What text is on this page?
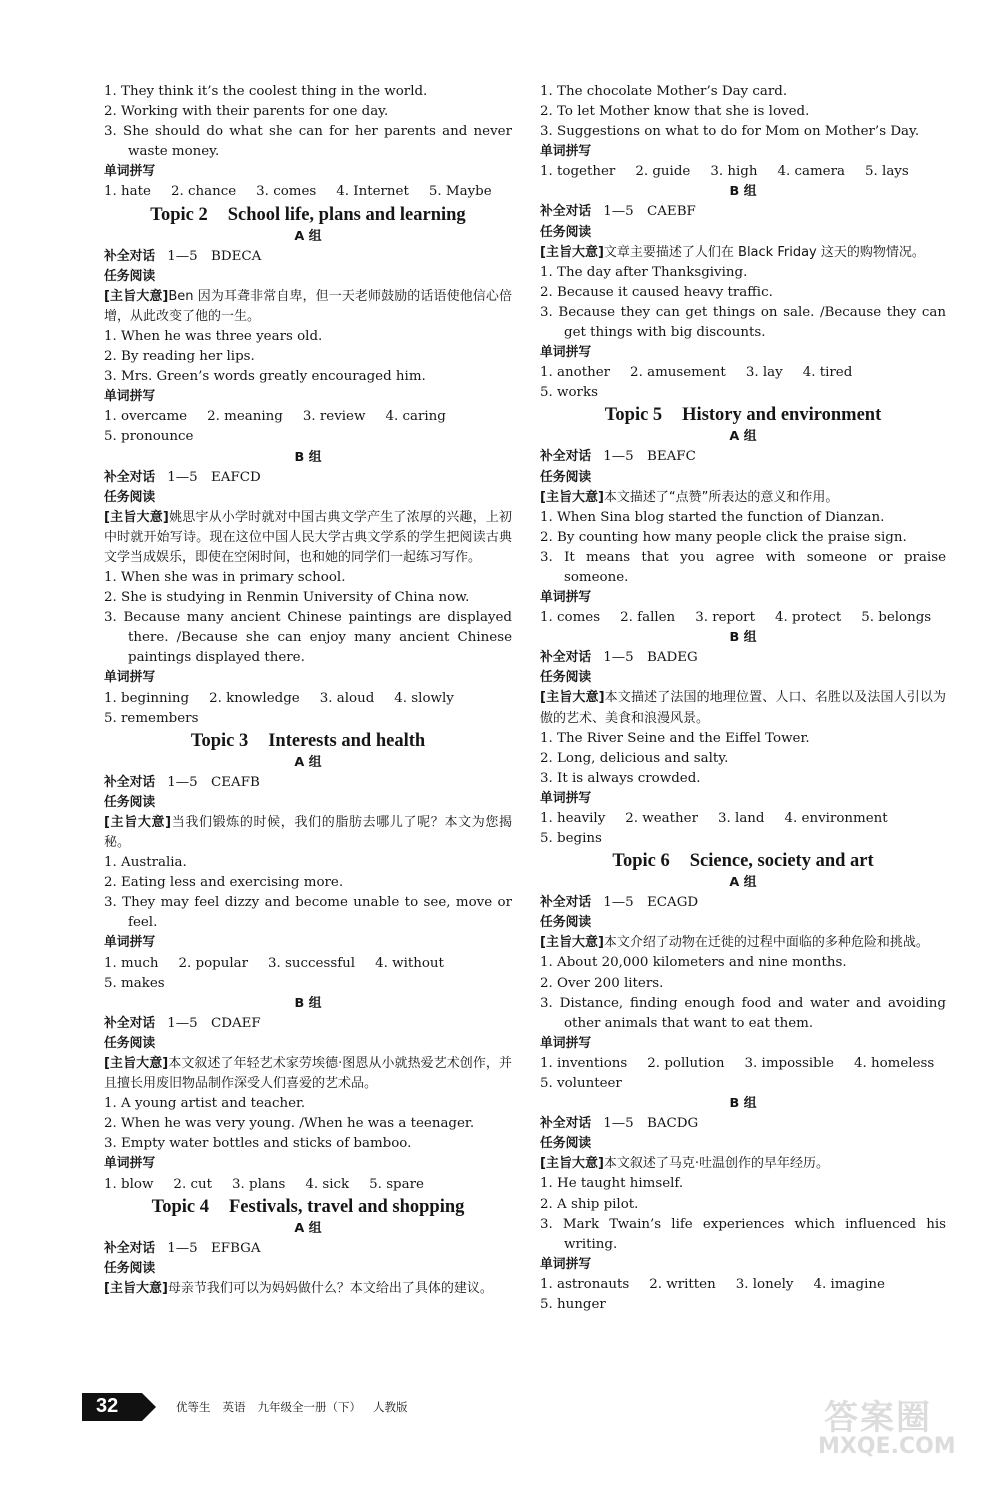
1. They think it’s the coolest thing in the world.
2. Working with their parents for one day.
3. She should do what she can for her parents and never waste money.
单词拼写
1. hate 2. chance 3. comes 4. Internet 5. Maybe
Topic 2 School life, plans and learning
A 组
补全对话 1—5　BDECA
任务阅读
[主旨大意]Ben 因为耳聋非常自卑，但一天老师鼓励的话语使他信心倍增，从此改变了他的一生。
1. When he was three years old.
2. By reading her lips.
3. Mrs. Green’s words greatly encouraged him.
单词拼写
1. overcame 2. meaning 3. review 4. caring
5. pronounce
B 组
补全对话 1—5　EAFCD
任务阅读
[主旨大意]姚思宇从小学时就对中国古典文学产生了浓厚的兴趣，上初中时就开始写诗。现在这位中国人民大学古典文学系的学生把阅读古典文学当成娱乐，即使在空闲时间，也和她的同学们一起练习写作。
1. When she was in primary school.
2. She is studying in Renmin University of China now.
3. Because many ancient Chinese paintings are displayed there. /Because she can enjoy many ancient Chinese paintings displayed there.
单词拼写
1. beginning 2. knowledge 3. aloud 4. slowly
5. remembers
Topic 3 Interests and health
A 组
补全对话 1—5　CEAFB
任务阅读
[主旨大意]当我们锻炼的时候，我们的脂肪去哪儿了呢？本文为您揭秘。
1. Australia.
2. Eating less and exercising more.
3. They may feel dizzy and become unable to see, move or feel.
单词拼写
1. much 2. popular 3. successful 4. without
5. makes
B 组
补全对话 1—5　CDAEF
任务阅读
[主旨大意]本文叙述了年轻艺术家劳埃德·图恩从小就热爱艺术创作，并且擅长用废旧物品制作深受人们喜爱的艺术品。
1. A young artist and teacher.
2. When he was very young. /When he was a teenager.
3. Empty water bottles and sticks of bamboo.
单词拼写
1. blow 2. cut 3. plans 4. sick 5. spare
Topic 4 Festivals, travel and shopping
A 组
补全对话 1—5　EFBGA
任务阅读
[主旨大意]母亲节我们可以为妈妈做什么？本文给出了具体的建议。
1. The chocolate Mother’s Day card.
2. To let Mother know that she is loved.
3. Suggestions on what to do for Mom on Mother’s Day.
单词拼写
1. together 2. guide 3. high 4. camera 5. lays
B 组
补全对话 1—5　CAEBF
任务阅读
[主旨大意]文章主要描述了人们在 Black Friday 这天的购物情况。
1. The day after Thanksgiving.
2. Because it caused heavy traffic.
3. Because they can get things on sale. /Because they can get things with big discounts.
单词拼写
1. another 2. amusement 3. lay 4. tired
5. works
Topic 5 History and environment
A 组
补全对话 1—5　BEAFC
任务阅读
[主旨大意]本文描述了“点赞”所表达的意义和作用。
1. When Sina blog started the function of Dianzan.
2. By counting how many people click the praise sign.
3. It means that you agree with someone or praise someone.
单词拼写
1. comes 2. fallen 3. report 4. protect 5. belongs
B 组
补全对话 1—5　BADEG
任务阅读
[主旨大意]本文描述了法国的地理位置、人口、名胜以及法国人引以为傲的艺术、美食和浪漫风景。
1. The River Seine and the Eiffel Tower.
2. Long, delicious and salty.
3. It is always crowded.
单词拼写
1. heavily 2. weather 3. land 4. environment
5. begins
Topic 6 Science, society and art
A 组
补全对话 1—5　ECAGD
任务阅读
[主旨大意]本文介绍了动物在迁徙的过程中面临的多种危险和挑战。
1. About 20,000 kilometers and nine months.
2. Over 200 liters.
3. Distance, finding enough food and water and avoiding other animals that want to eat them.
单词拼写
1. inventions 2. pollution 3. impossible 4. homeless
5. volunteer
B 组
补全对话 1—5　BACDG
任务阅读
[主旨大意]本文叙述了马克·吐温创作的早年经历。
1. He taught himself.
2. A ship pilot.
3. Mark Twain’s life experiences which influenced his writing.
单词拼写
1. astronauts 2. written 3. lonely 4. imagine
5. hunger
32	优等生 英语 九年级全一册（下） 人教版	答案圈
MXQE.COM
